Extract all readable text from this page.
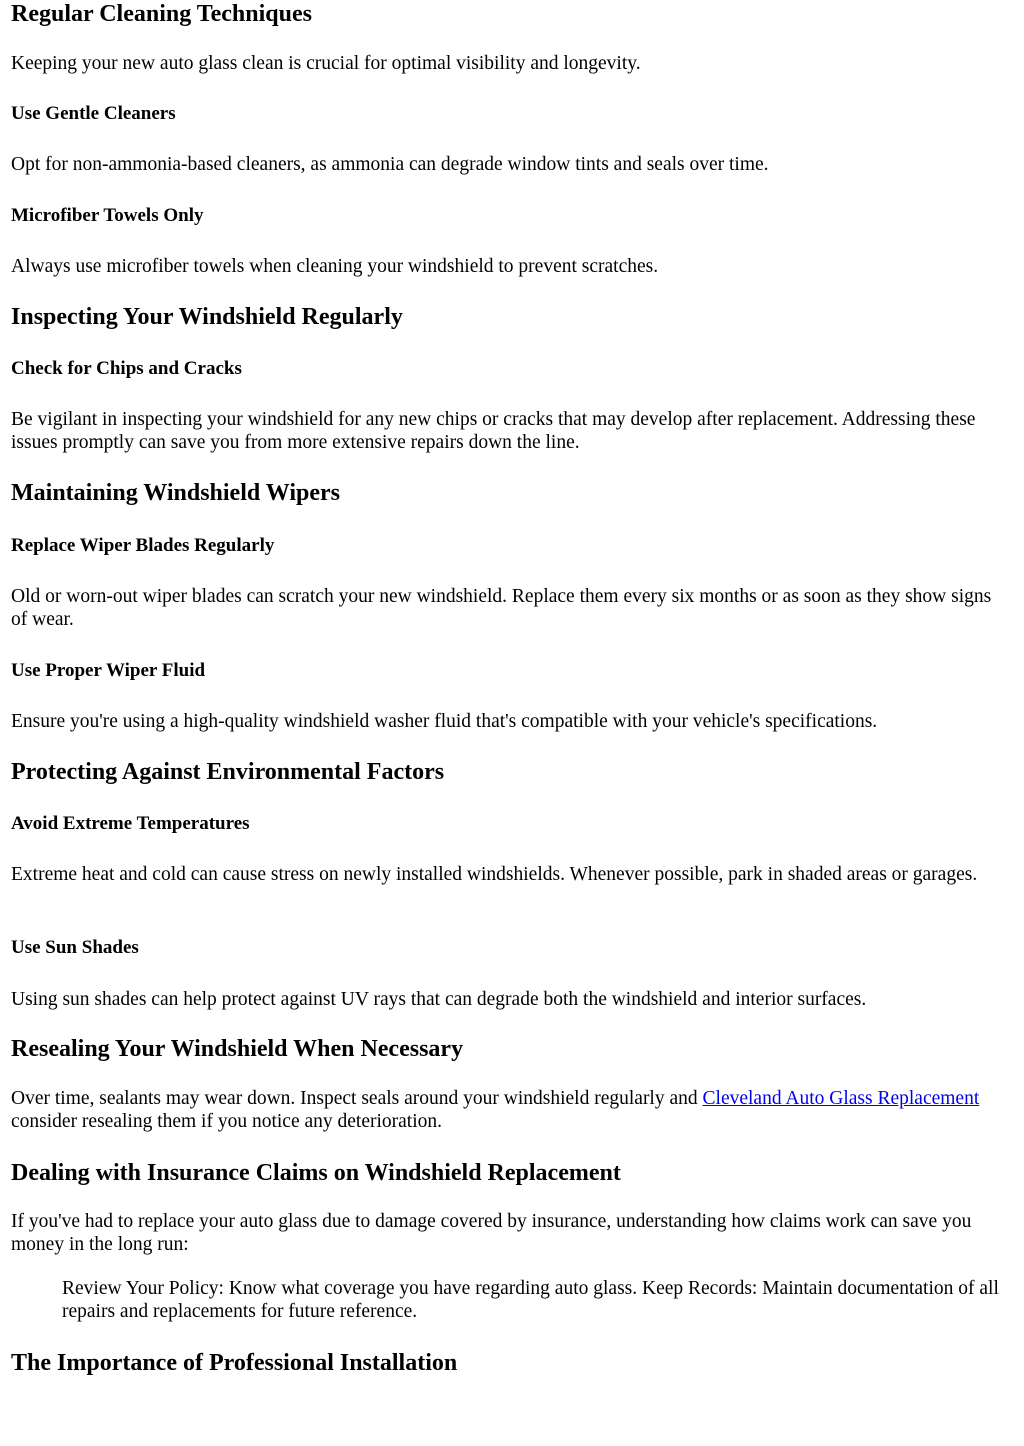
Regular Cleaning Techniques

Keeping your new auto glass clean is crucial for optimal visibility and longevity.

Use Gentle Cleaners

Opt for non-ammonia-based cleaners, as ammonia can degrade window tints and seals over time.

Microfiber Towels Only

Always use microfiber towels when cleaning your windshield to prevent scratches.

Inspecting Your Windshield Regularly
Check for Chips and Cracks

Be vigilant in inspecting your windshield for any new chips or cracks that may develop after replacement. Addressing these issues promptly can save you from more extensive repairs down the line.

Maintaining Windshield Wipers
Replace Wiper Blades Regularly

Old or worn-out wiper blades can scratch your new windshield. Replace them every six months or as soon as they show signs of wear.

Use Proper Wiper Fluid

Ensure you're using a high-quality windshield washer fluid that's compatible with your vehicle's specifications.

Protecting Against Environmental Factors
Avoid Extreme Temperatures

Extreme heat and cold can cause stress on newly installed windshields. Whenever possible, park in shaded areas or garages.

Use Sun Shades

Using sun shades can help protect against UV rays that can degrade both the windshield and interior surfaces.

Resealing Your Windshield When Necessary

Over time, sealants may wear down. Inspect seals around your windshield regularly and Cleveland Auto Glass Replacement consider resealing them if you notice any deterioration.

Dealing with Insurance Claims on Windshield Replacement

If you've had to replace your auto glass due to damage covered by insurance, understanding how claims work can save you money in the long run:

Review Your Policy: Know what coverage you have regarding auto glass. Keep Records: Maintain documentation of all repairs and replacements for future reference.
The Importance of Professional Installation
